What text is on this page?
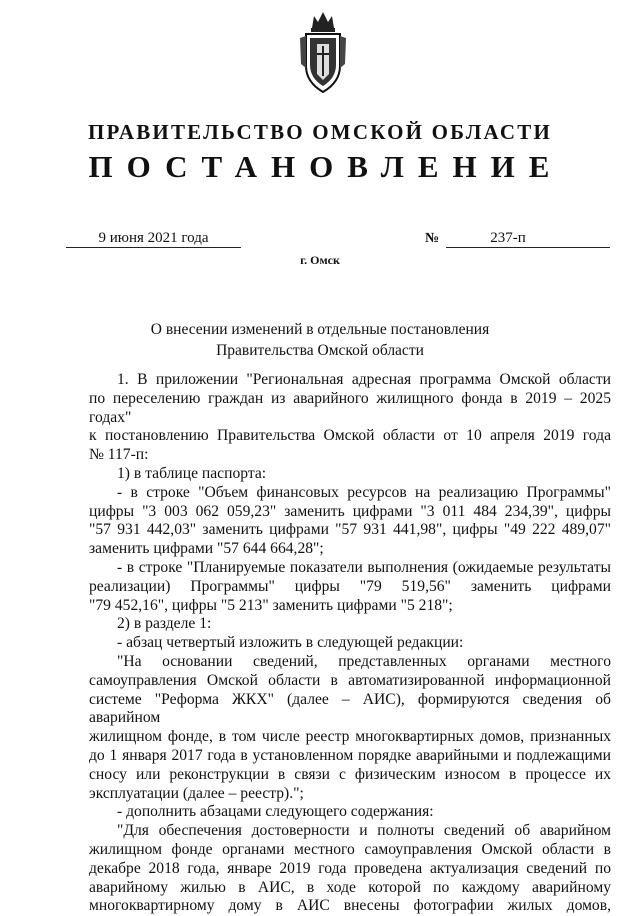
ПРАВИТЕЛЬСТВО ОМСКОЙ ОБЛАСТИ
ПОСТАНОВЛЕНИЕ
9 июня 2021 года	№	237-п
г. Омск
О внесении изменений в отдельные постановления
Правительства Омской области

1. В приложении "Региональная адресная программа Омской области

по переселению граждан из аварийного жилищного фонда в 2019 – 2025 годах"

к постановлению Правительства Омской области от 10 апреля 2019 года

№ 117-п:

1) в таблице паспорта:

- в строке "Объем финансовых ресурсов на реализацию Программы"

цифры "3 003 062 059,23" заменить цифрами "3 011 484 234,39", цифры

"57 931 442,03" заменить цифрами "57 931 441,98", цифры "49 222 489,07"

заменить цифрами "57 644 664,28";

- в строке "Планируемые показатели выполнения (ожидаемые результаты

реализации) Программы" цифры "79 519,56" заменить цифрами

"79 452,16", цифры "5 213" заменить цифрами "5 218";

2) в разделе 1:

- абзац четвертый изложить в следующей редакции:

"На основании сведений, представленных органами местного

самоуправления Омской области в автоматизированной информационной

системе "Реформа ЖКХ" (далее – АИС), формируются сведения об аварийном

жилищном фонде, в том числе реестр многоквартирных домов, признанных

до 1 января 2017 года в установленном порядке аварийными и подлежащими

сносу или реконструкции в связи с физическим износом в процессе их

эксплуатации (далее – реестр).";

- дополнить абзацами следующего содержания:

"Для обеспечения достоверности и полноты сведений об аварийном

жилищном фонде органами местного самоуправления Омской области в

декабре 2018 года, январе 2019 года проведена актуализация сведений по

аварийному жилью в АИС, в ходе которой по каждому аварийному

многоквартирному дому в АИС внесены фотографии жилых домов,
